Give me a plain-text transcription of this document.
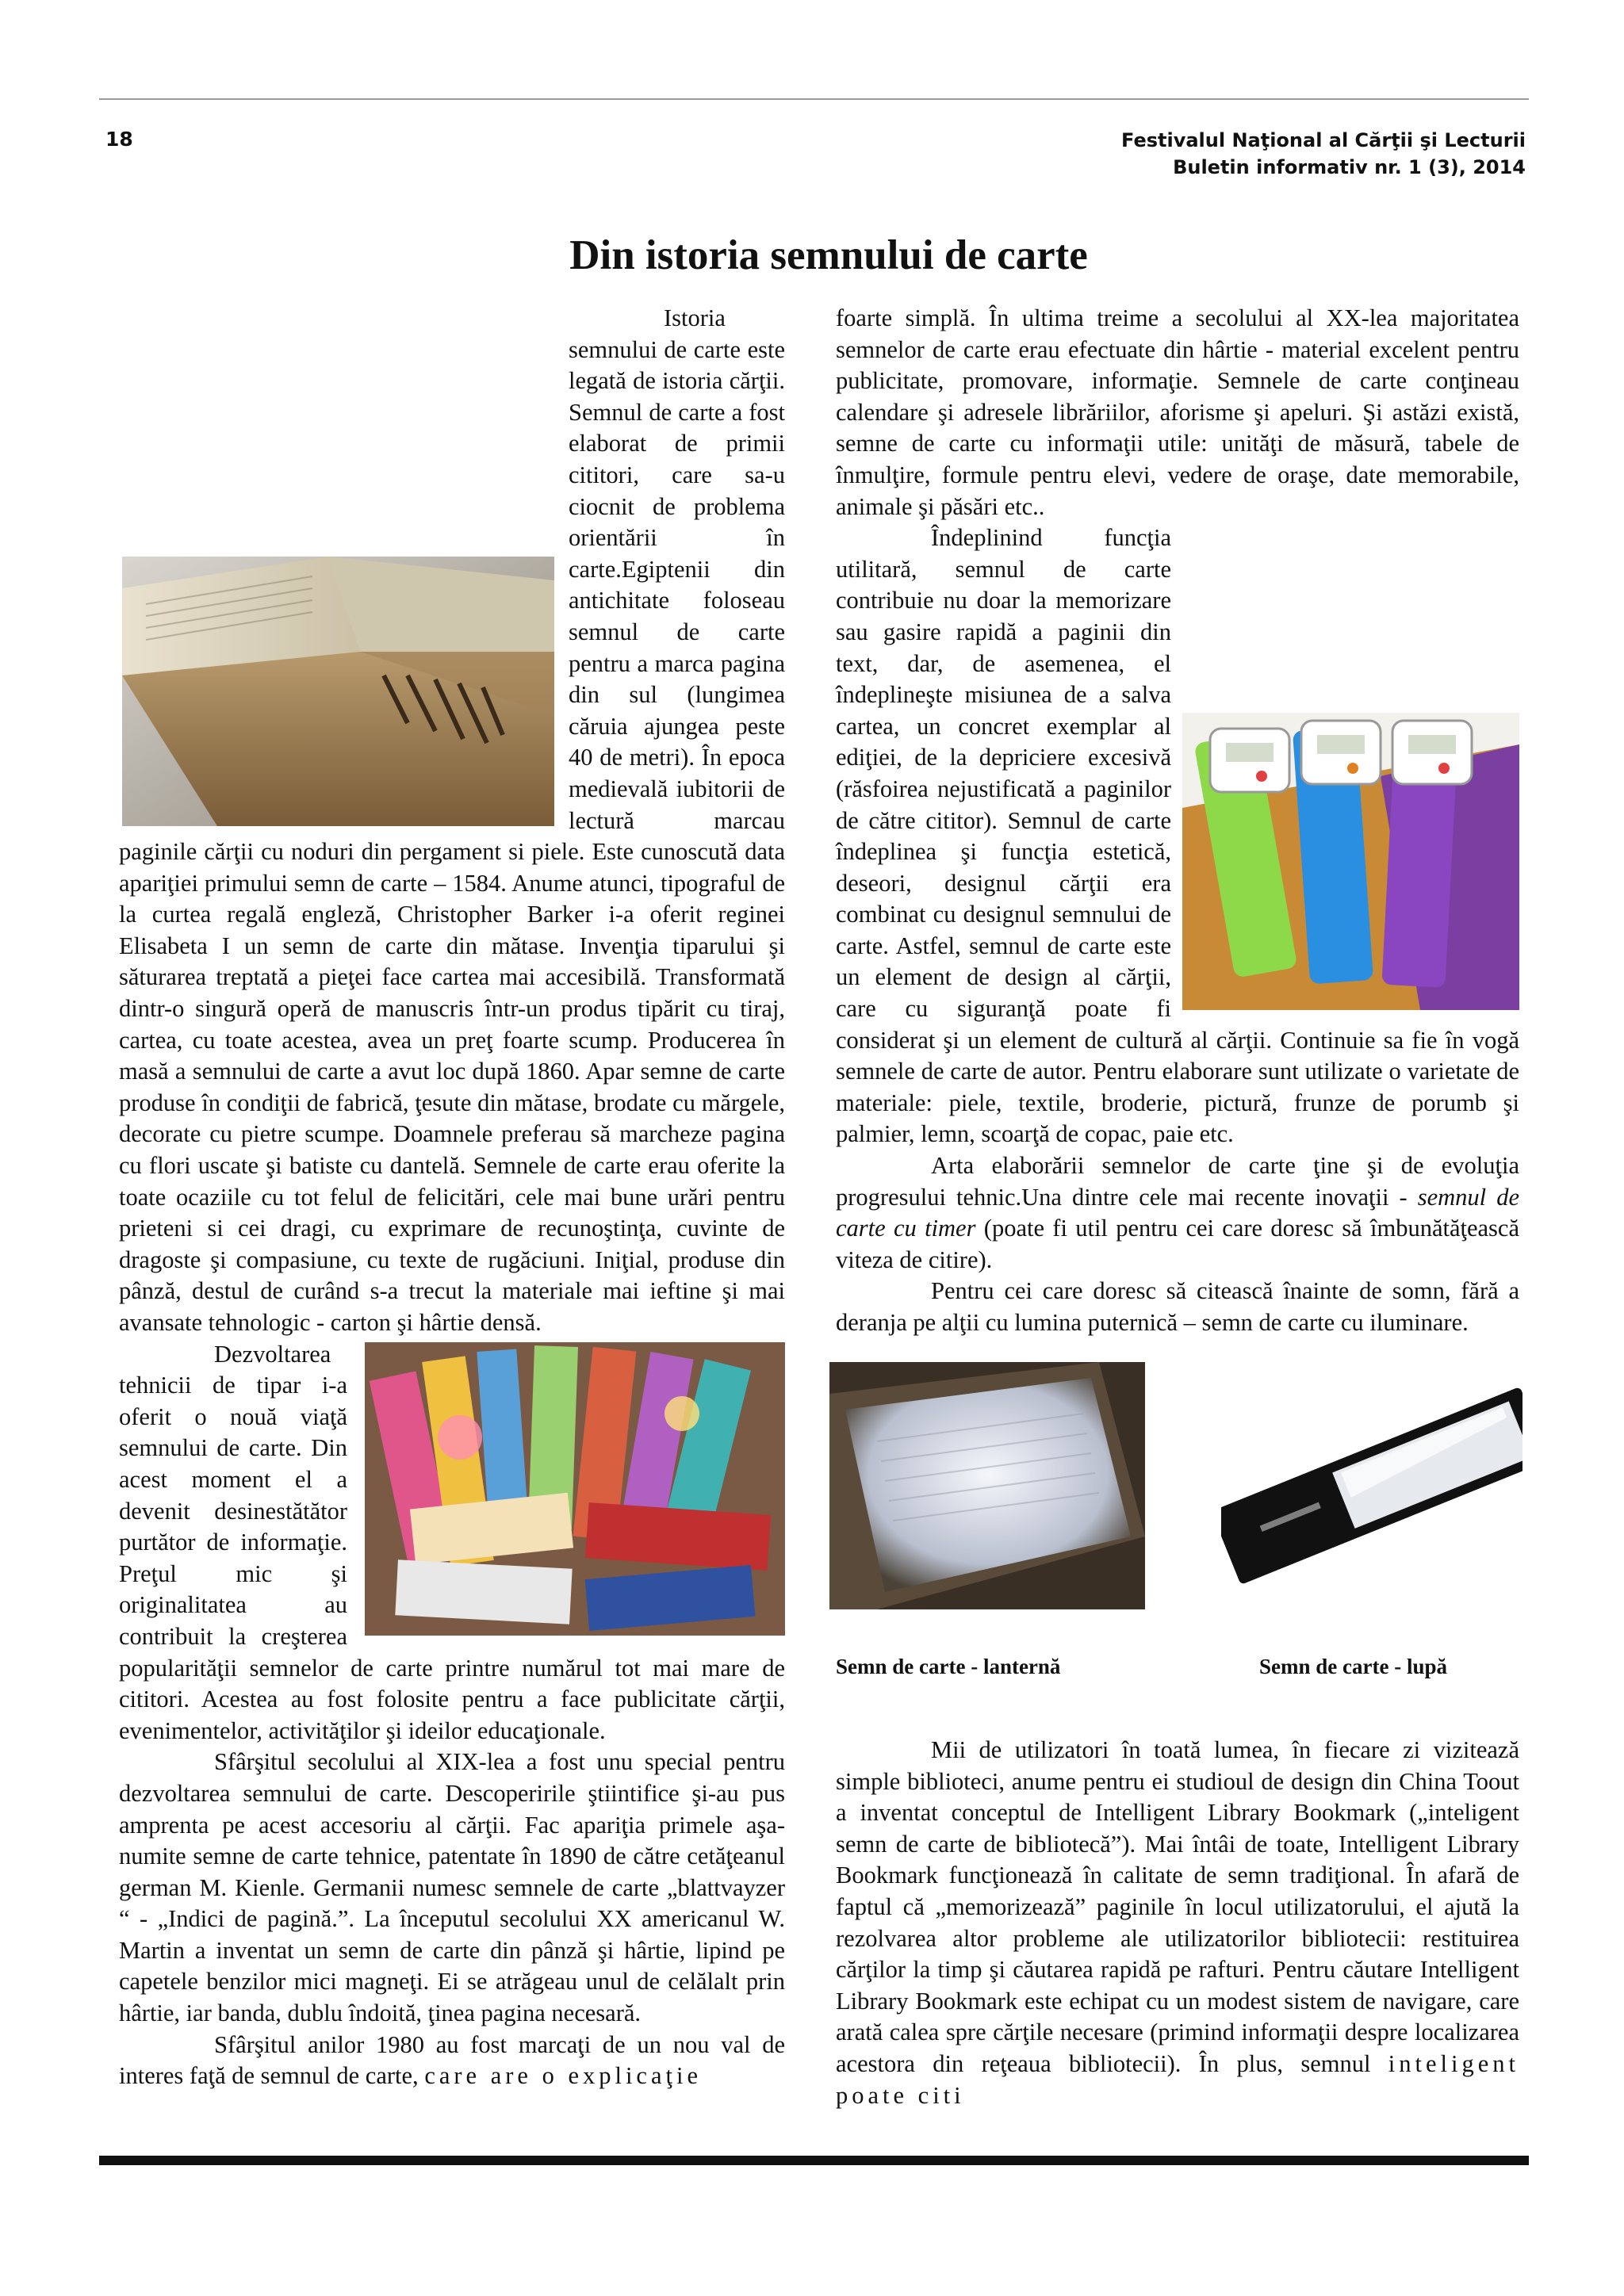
18	Festivalul Naţional al Cărţii şi Lecturii
Buletin informativ nr. 1 (3), 2014
Din istoria semnului de carte

Istoria semnului de carte este legată de istoria cărţii. Semnul de carte a fost elaborat de primii cititori, care sa-u ciocnit de problema orientării în carte.Egiptenii din antichitate foloseau semnul de carte pentru a marca pagina din sul (lungimea căruia ajungea peste 40 de metri). În epoca medievală iubitorii de lectură marcau paginile cărţii cu noduri din pergament si piele. Este cunoscută data apariţiei primului semn de carte – 1584. Anume atunci, tipograful de la curtea regală engleză, Christopher Barker i-a oferit reginei Elisabeta I un semn de carte din mătase. Invenţia tiparului şi săturarea treptată a pieţei face cartea mai accesibilă. Transformată dintr-o singură operă de manuscris într-un produs tipărit cu tiraj, cartea, cu toate acestea, avea un preţ foarte scump. Producerea în masă a semnului de carte a avut loc după 1860. Apar semne de carte produse în condiţii de fabrică, ţesute din mătase, brodate cu mărgele, decorate cu pietre scumpe. Doamnele preferau să marcheze pagina cu flori uscate şi batiste cu dantelă. Semnele de carte erau oferite la toate ocaziile cu tot felul de felicitări, cele mai bune urări pentru prieteni si cei dragi, cu exprimare de recunoştinţa, cuvinte de dragoste şi compasiune, cu texte de rugăciuni. Iniţial, produse din pânză, destul de curând s-a trecut la materiale mai ieftine şi mai avansate tehnologic - carton şi hârtie densă.

Dezvoltarea tehnicii de tipar i-a oferit o nouă viaţă semnului de carte. Din acest moment el a devenit desinestătător purtător de informaţie. Preţul mic şi originalitatea au contribuit la creşterea popularităţii semnelor de carte printre numărul tot mai mare de cititori. Acestea au fost folosite pentru a face publicitate cărţii, evenimentelor, activităţilor şi ideilor educaţionale.

Sfârşitul secolului al XIX-lea a fost unu special pentru dezvoltarea semnului de carte. Descoperirile ştiintifice şi-au pus amprenta pe acest accesoriu al cărţii. Fac apariţia primele aşa-numite semne de carte tehnice, patentate în 1890 de către cetăţeanul german M. Kienle. Germanii numesc semnele de carte „blattvayzer “ - „Indici de pagină.”. La începutul secolului XX americanul W. Martin a inventat un semn de carte din pânză şi hârtie, lipind pe capetele benzilor mici magneţi. Ei se atrăgeau unul de celălalt prin hârtie, iar banda, dublu îndoită, ţinea pagina necesară.

Sfârşitul anilor 1980 au fost marcaţi de un nou val de interes faţă de semnul de carte, care are o explicaţie

foarte simplă. În ultima treime a secolului al XX-lea majoritatea semnelor de carte erau efectuate din hârtie - material excelent pentru publicitate, promovare, informaţie. Semnele de carte conţineau calendare şi adresele librăriilor, aforisme şi apeluri. Şi astăzi există, semne de carte cu informaţii utile: unităţi de măsură, tabele de înmulţire, formule pentru elevi, vedere de oraşe, date memorabile, animale şi păsări etc..

Îndeplinind funcţia utilitară, semnul de carte contribuie nu doar la memorizare sau gasire rapidă a paginii din text, dar, de asemenea, el îndeplineşte misiunea de a salva cartea, un concret exemplar al ediţiei, de la depriciere excesivă (răsfoirea nejustificată a paginilor de către cititor). Semnul de carte îndeplinea şi funcţia estetică, deseori, designul cărţii era combinat cu designul semnului de carte. Astfel, semnul de carte este un element de design al cărţii, care cu siguranţă poate fi considerat şi un element de cultură al cărţii. Continuie sa fie în vogă semnele de carte de autor. Pentru elaborare sunt utilizate o varietate de materiale: piele, textile, broderie, pictură, frunze de porumb şi palmier, lemn, scoarţă de copac, paie etc.

Arta elaborării semnelor de carte ţine şi de evoluţia progresului tehnic.Una dintre cele mai recente inovaţii - semnul de carte cu timer (poate fi util pentru cei care doresc să îmbunătăţească viteza de citire).

Pentru cei care doresc să citească înainte de somn, fără a deranja pe alţii cu lumina puternică – semn de carte cu iluminare.

Semn de carte - lanternă	Semn de carte - lupă

Mii de utilizatori în toată lumea, în fiecare zi vizitează simple biblioteci, anume pentru ei studioul de design din China Toout a inventat conceptul de Intelligent Library Bookmark („inteligent semn de carte de bibliotecă”). Mai întâi de toate, Intelligent Library Bookmark funcţionează în calitate de semn tradiţional. În afară de faptul că „memorizează” paginile în locul utilizatorului, el ajută la rezolvarea altor probleme ale utilizatorilor bibliotecii: restituirea cărţilor la timp şi căutarea rapidă pe rafturi. Pentru căutare Intelligent Library Bookmark este echipat cu un modest sistem de navigare, care arată calea spre cărţile necesare (primind informaţii despre localizarea acestora din reţeaua bibliotecii). În plus, semnul inteligent poate citi
